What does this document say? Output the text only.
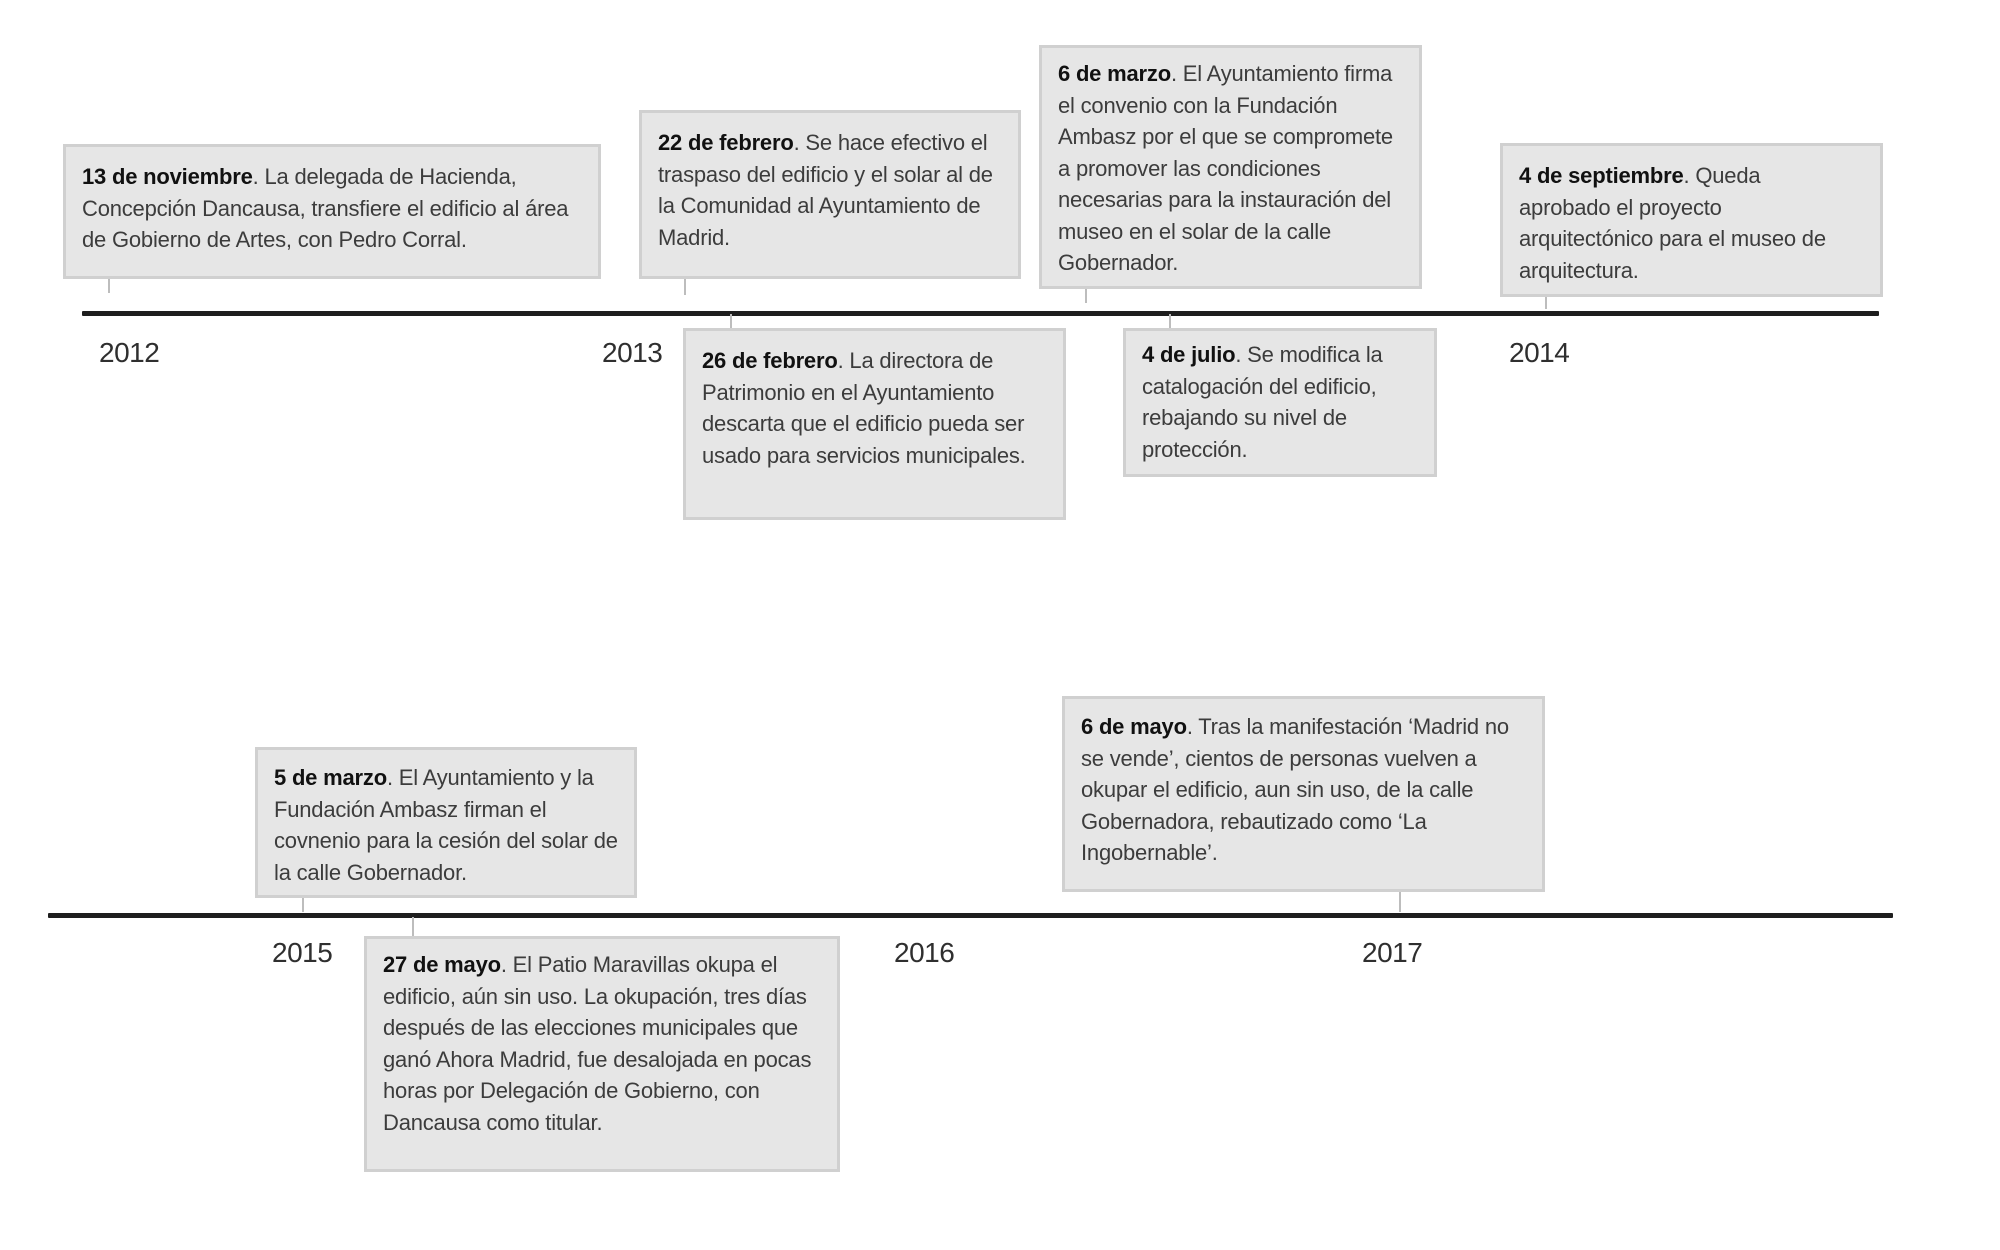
2012	2013	2014
13 de noviembre. La delegada de Hacienda, Concepción Dancausa, transfiere el edificio al área de Gobierno de Artes, con Pedro Corral.
22 de febrero. Se hace efectivo el traspaso del edificio y el solar al de la Comunidad al Ayuntamiento de Madrid.
26 de febrero. La directora de Patrimonio en el Ayuntamiento descarta que el edificio pueda ser usado para servicios municipales.
6 de marzo. El Ayuntamiento firma el convenio con la Fundación Ambasz por el que se compromete a promover las condiciones necesarias para la instauración del museo en el solar de la calle Gobernador.
4 de julio. Se modifica la catalogación del edificio, rebajando su nivel de protección.
4 de septiembre. Queda aprobado el proyecto arquitectónico para el museo de arquitectura.
2015	2016	2017
5 de marzo. El Ayuntamiento y la Fundación Ambasz firman el covnenio para la cesión del solar de la calle Gobernador.
27 de mayo. El Patio Maravillas okupa el edificio, aún sin uso. La okupación, tres días después de las elecciones municipales que ganó Ahora Madrid, fue desalojada en pocas horas por Delegación de Gobierno, con Dancausa como titular.
6 de mayo. Tras la manifestación ‘Madrid no se vende’, cientos de personas vuelven a okupar el edificio, aun sin uso, de la calle Gobernadora, rebautizado como ‘La Ingobernable’.
